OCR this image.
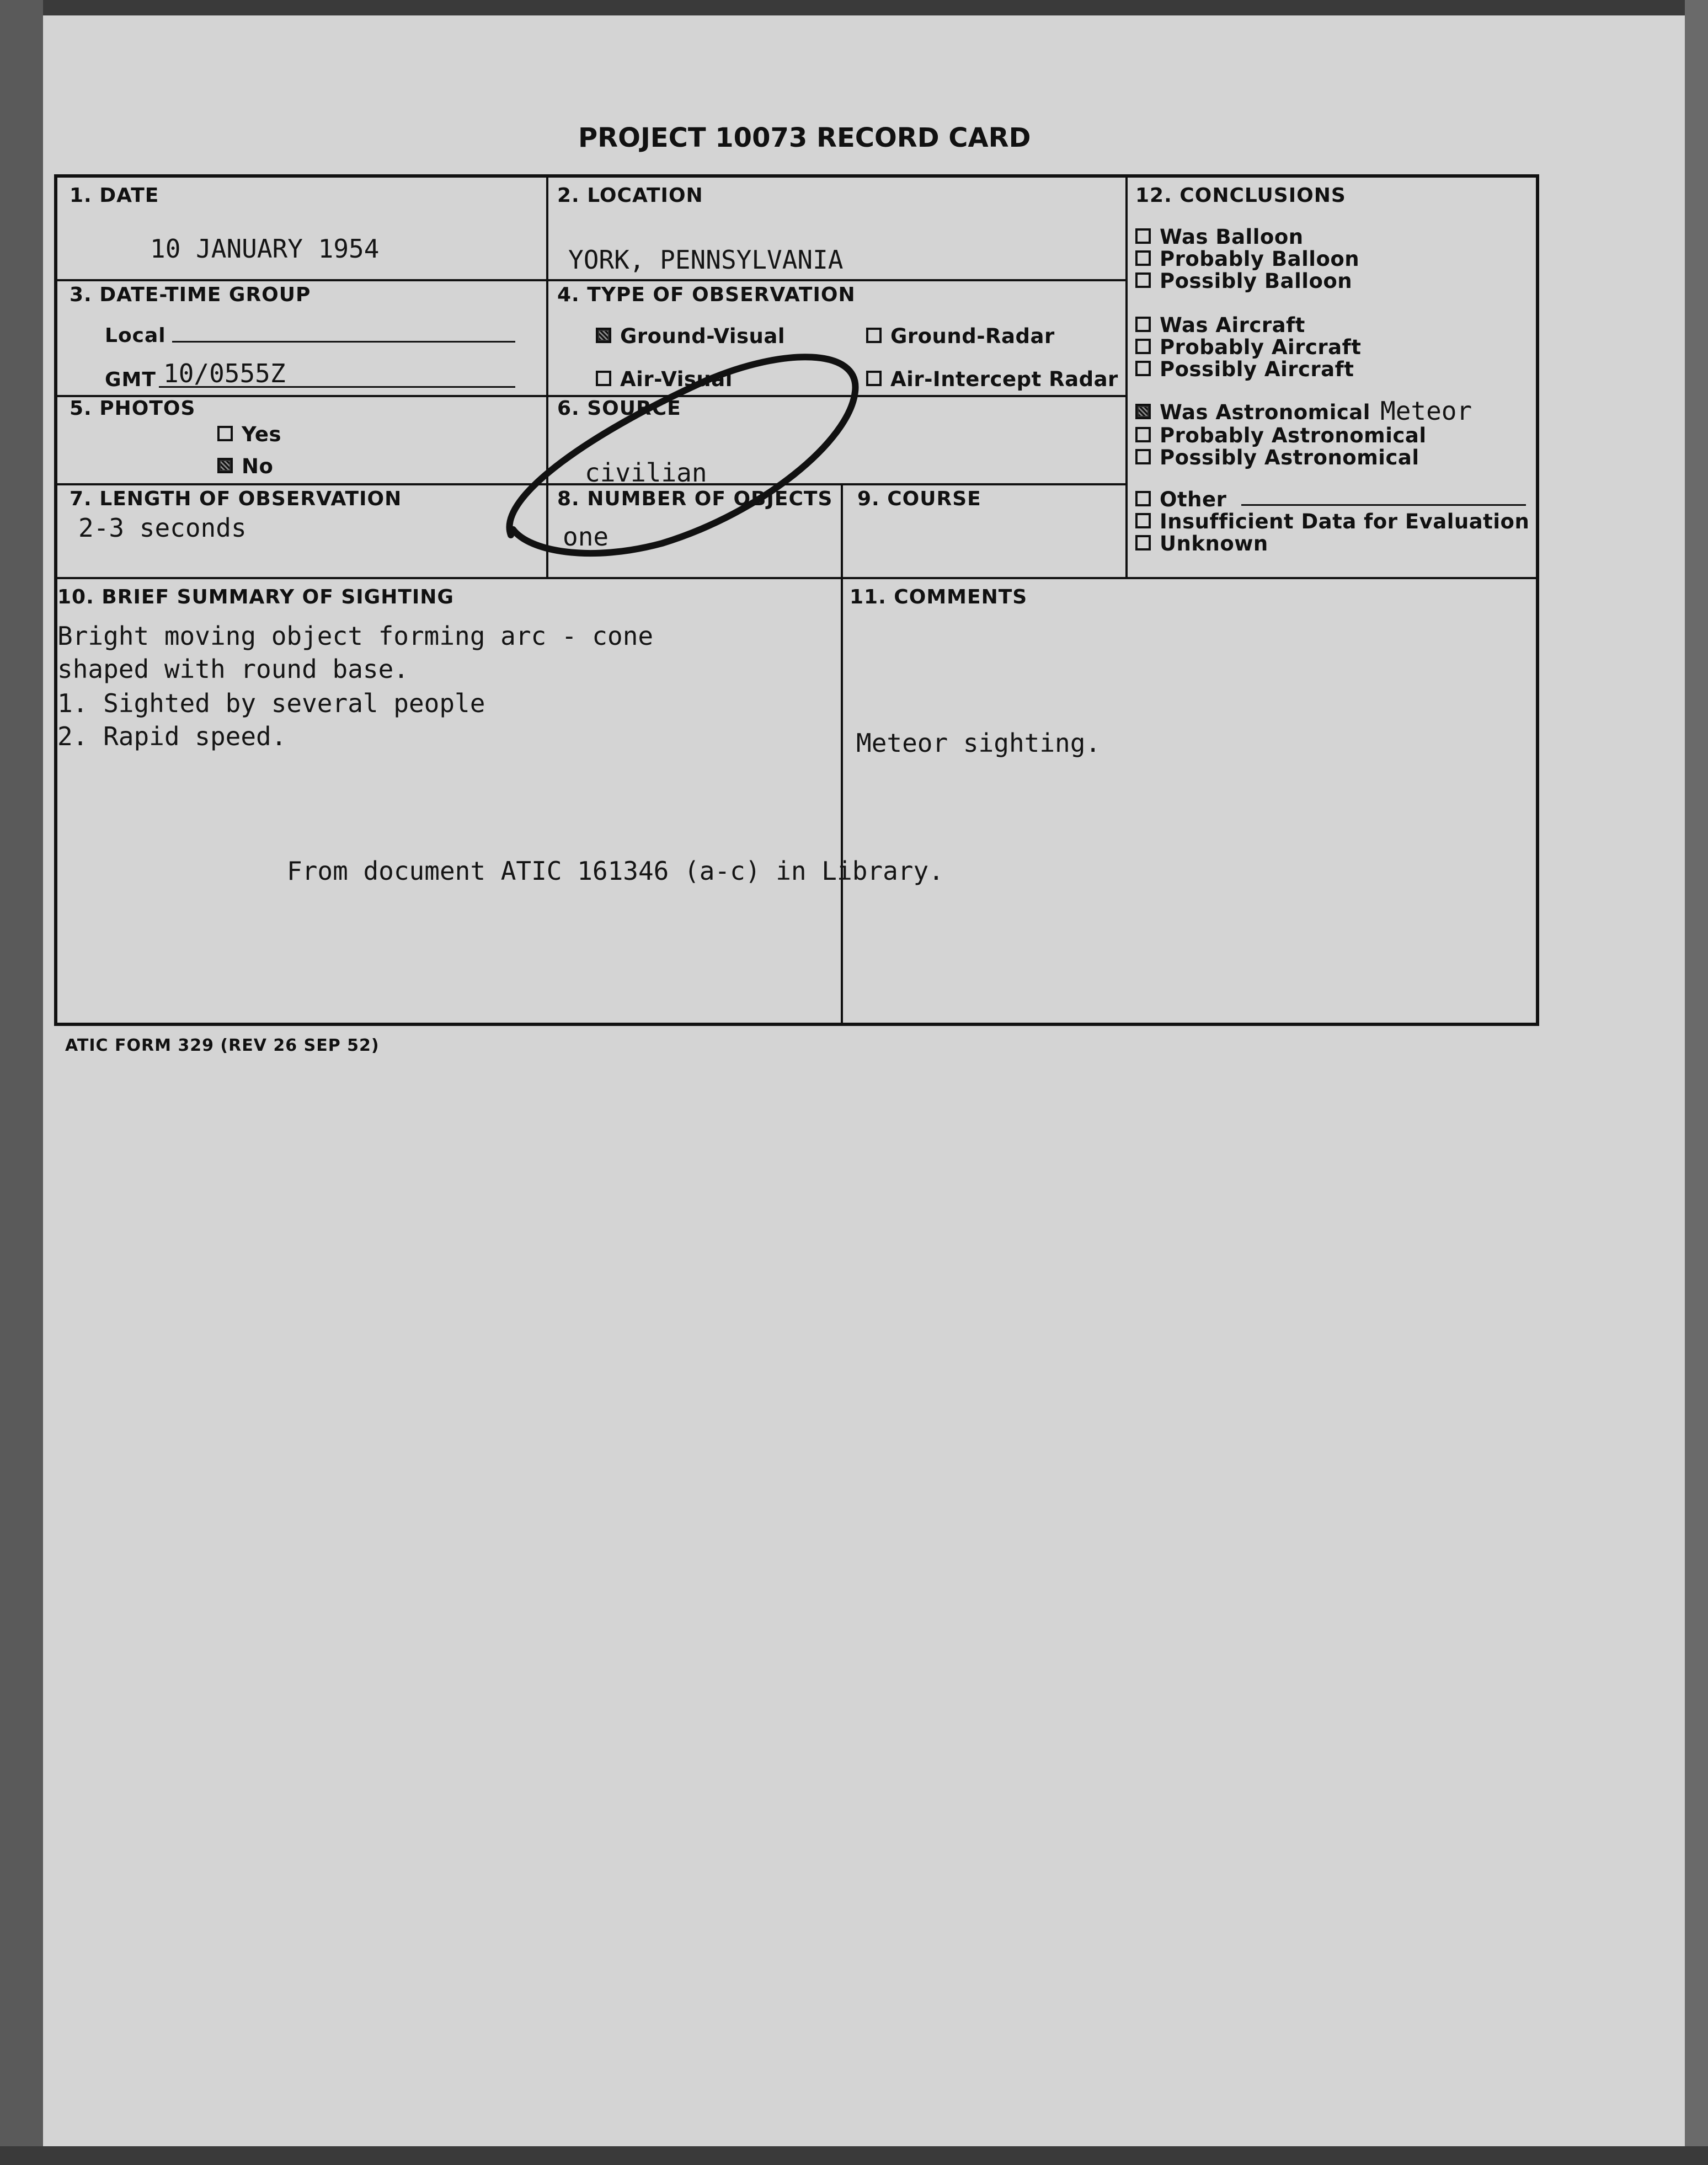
PROJECT 10073 RECORD CARD
1. DATE
10 JANUARY 1954
2. LOCATION
YORK, PENNSYLVANIA
3. DATE-TIME GROUP
Local
GMT 10/0555Z
4. TYPE OF OBSERVATION
Ground-Visual	Ground-Radar
Air-Visual	Air-Intercept Radar
5. PHOTOS
Yes
No
6. SOURCE
civilian
7. LENGTH OF OBSERVATION
2-3 seconds
8. NUMBER OF OBJECTS
one
9. COURSE
10. BRIEF SUMMARY OF SIGHTING
Bright moving object forming arc - cone
shaped with round base.
1. Sighted by several people
2. Rapid speed.
From document ATIC 161346 (a-c) in Library.
11. COMMENTS
Meteor sighting.
12. CONCLUSIONS
Was Balloon
Probably Balloon
Possibly Balloon
Was Aircraft
Probably Aircraft
Possibly Aircraft
Was Astronomical Meteor
Probably Astronomical
Possibly Astronomical
Other
Insufficient Data for Evaluation
Unknown
ATIC FORM 329 (REV 26 SEP 52)
